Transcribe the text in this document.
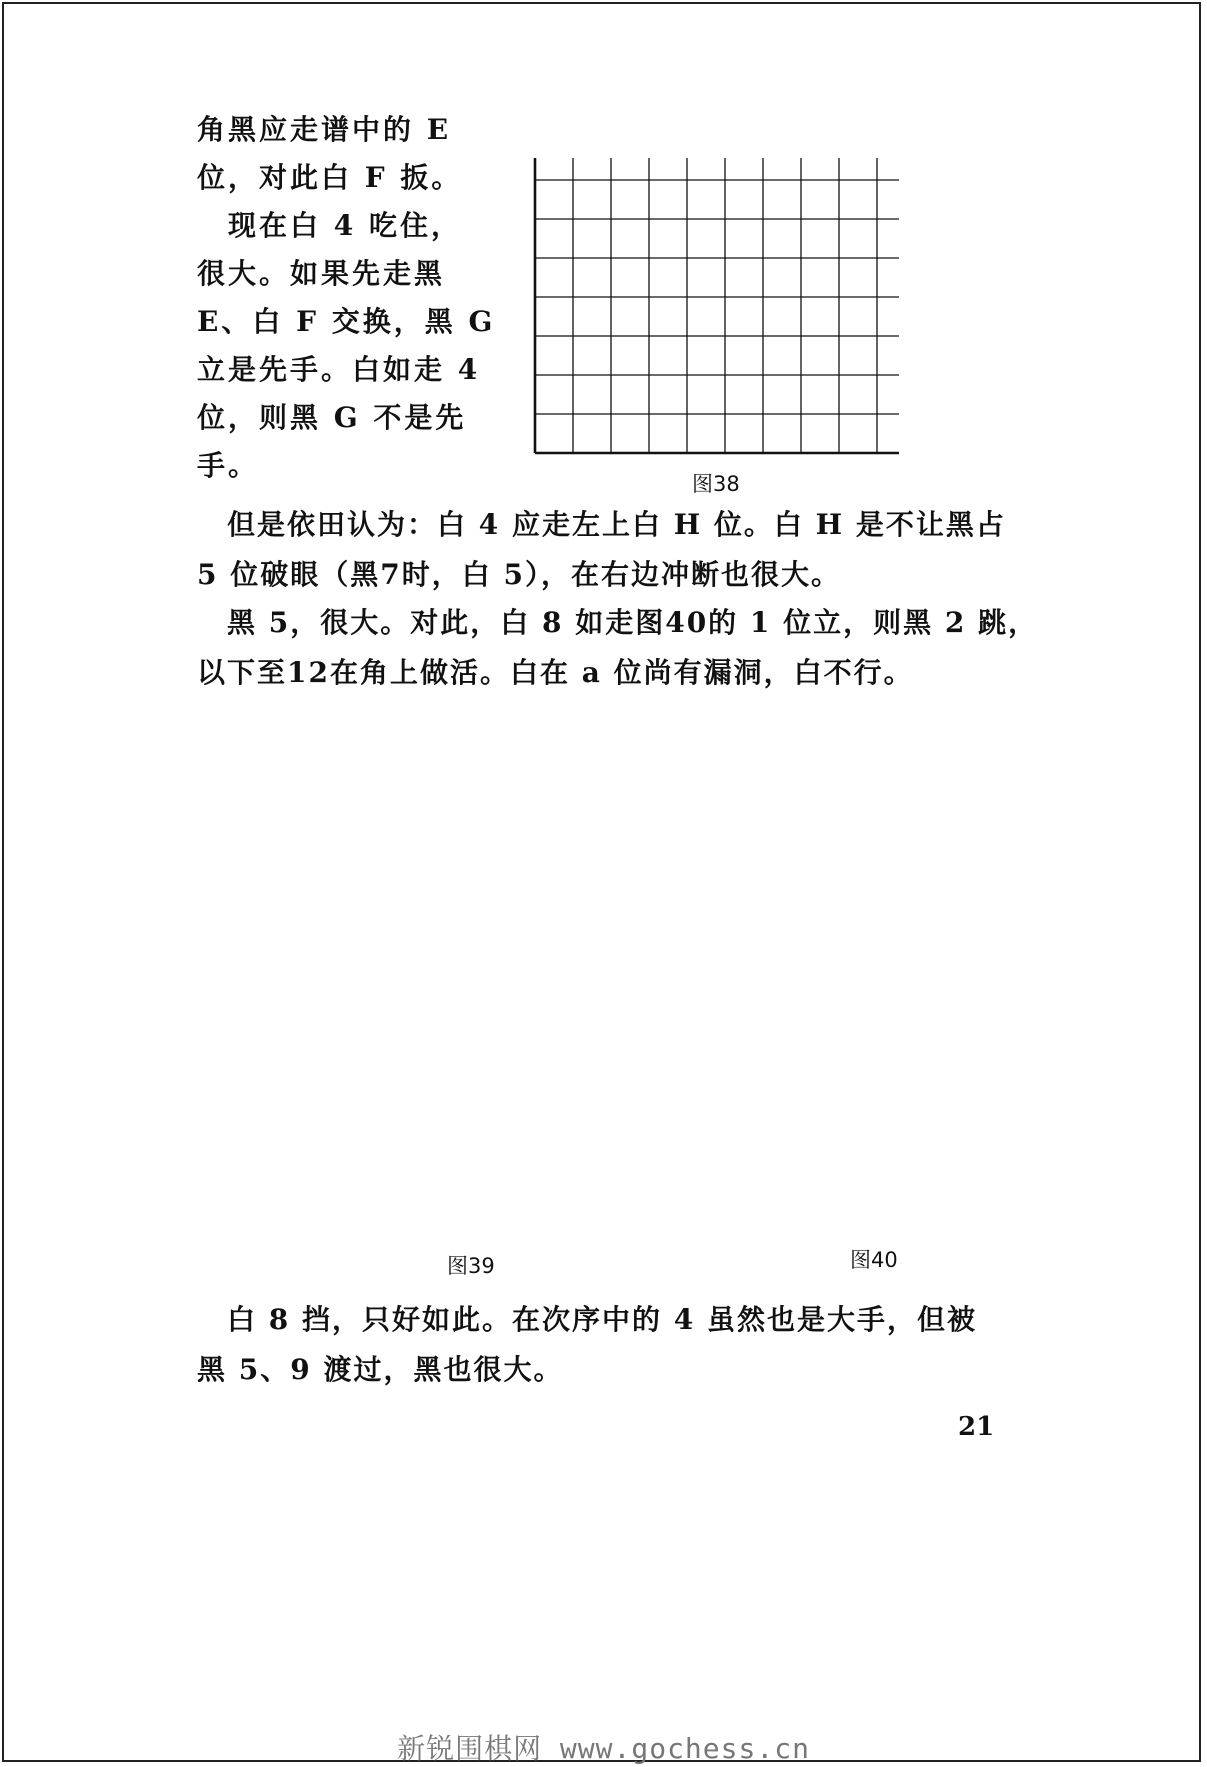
角黑应走谱中的 E
位，对此白 F 扳。
　现在白 4 吃住，
很大。如果先走黑
E、白 F 交换，黑 G
立是先手。白如走 4
位，则黑 G 不是先
手。
图38
　但是依田认为：白 4 应走左上白 H 位。白 H 是不让黑占
5 位破眼（黑7时，白 5），在右边冲断也很大。
　黑 5，很大。对此，白 8 如走图40的 1 位立，则黑 2 跳，
以下至12在角上做活。白在 a 位尚有漏洞，白不行。
图39	图40
　白 8 挡，只好如此。在次序中的 4 虽然也是大手，但被
黑 5、9 渡过，黑也很大。
21
新锐围棋网 www.gochess.cn
